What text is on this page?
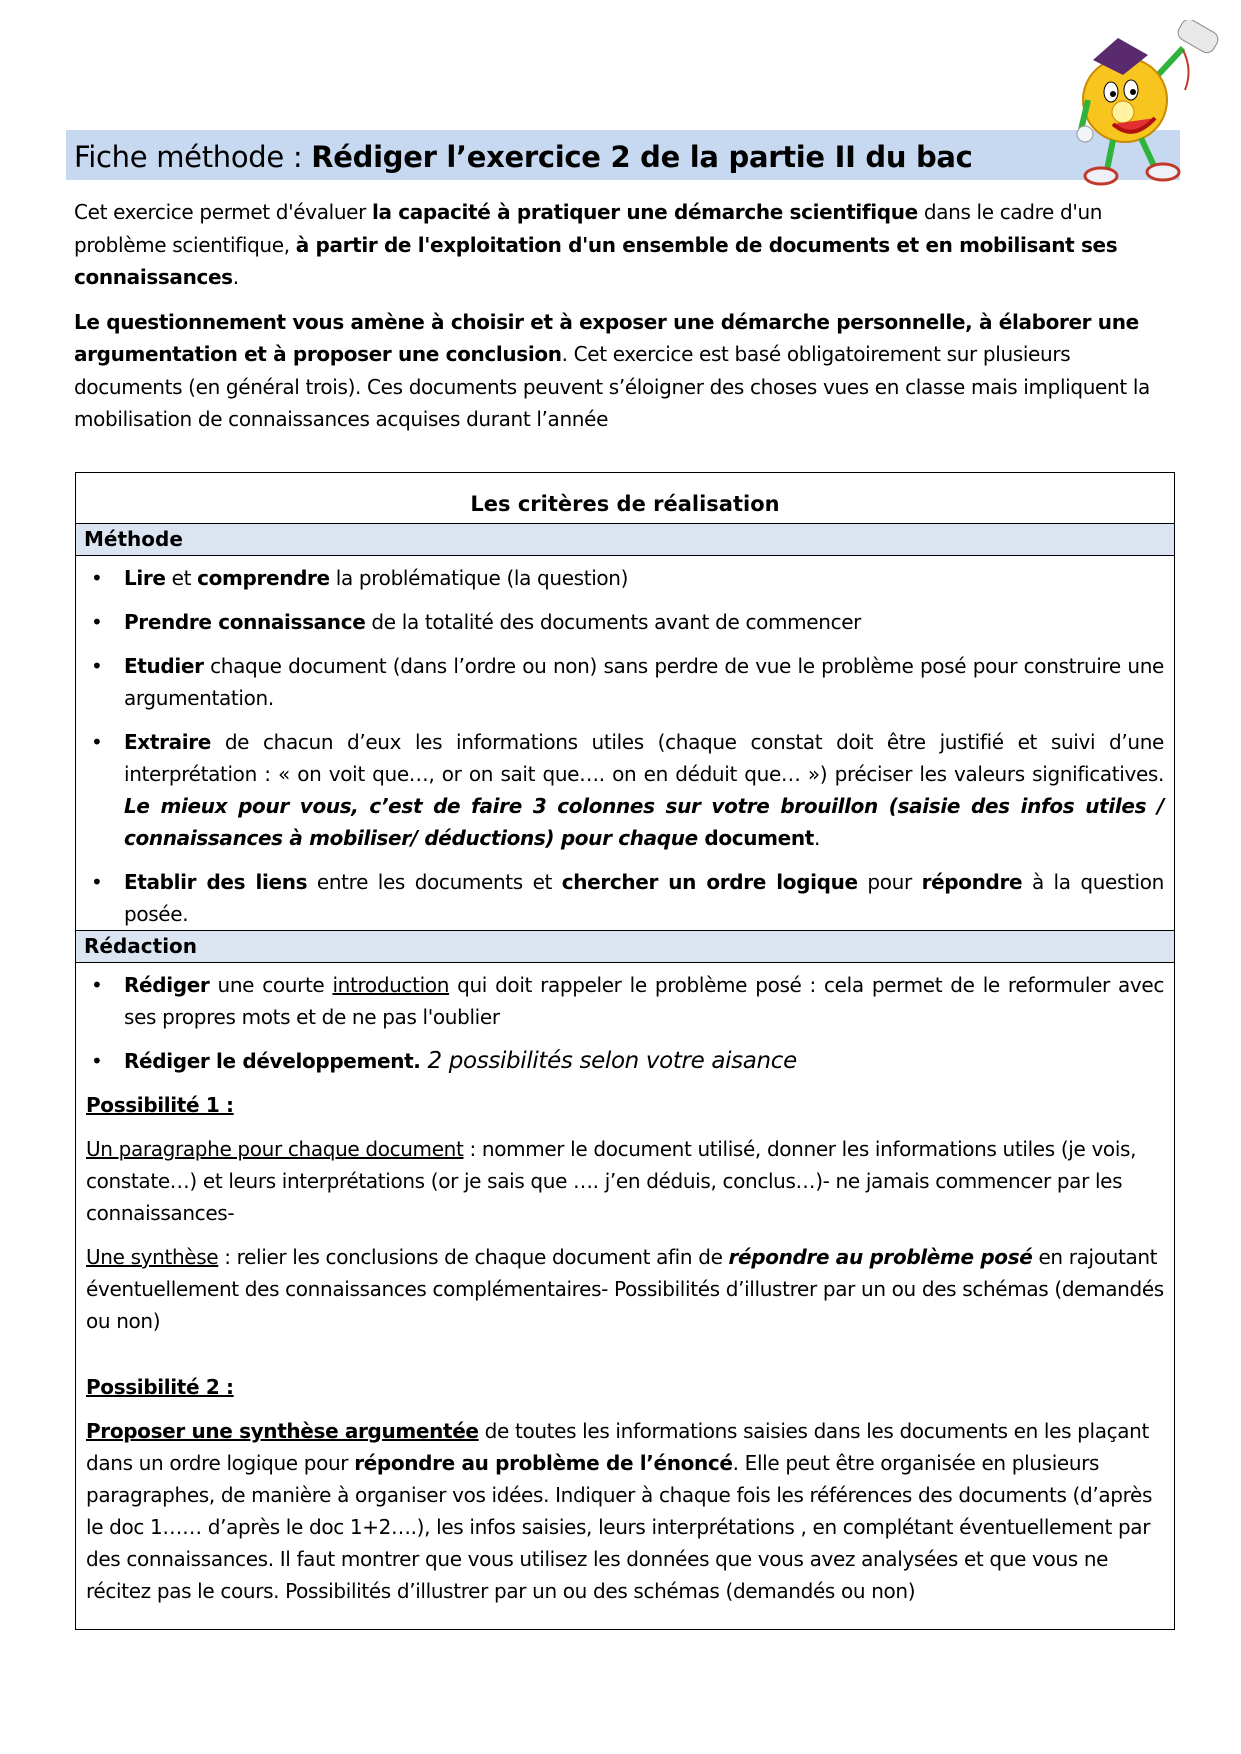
Fiche méthode : Rédiger l’exercice 2 de la partie II du bac

Cet exercice permet d'évaluer la capacité à pratiquer une démarche scientifique dans le cadre d'un problème scientifique, à partir de l'exploitation d'un ensemble de documents et en mobilisant ses connaissances.

Le questionnement vous amène à choisir et à exposer une démarche personnelle, à élaborer une argumentation et à proposer une conclusion. Cet exercice est basé obligatoirement sur plusieurs documents (en général trois). Ces documents peuvent s’éloigner des choses vues en classe mais impliquent la mobilisation de connaissances acquises durant l’année

Les critères de réalisation
Méthode
• Lire et comprendre la problématique (la question)
• Prendre connaissance de la totalité des documents avant de commencer
• Etudier chaque document (dans l’ordre ou non) sans perdre de vue le problème posé pour construire une argumentation.
• Extraire de chacun d’eux les informations utiles (chaque constat doit être justifié et suivi d’une interprétation : « on voit que…, or on sait que…. on en déduit que… ») préciser les valeurs significatives. Le mieux pour vous, c’est de faire 3 colonnes sur votre brouillon (saisie des infos utiles / connaissances à mobiliser/ déductions) pour chaque document.
• Etablir des liens entre les documents et chercher un ordre logique pour répondre à la question posée.
Rédaction
• Rédiger une courte introduction qui doit rappeler le problème posé : cela permet de le reformuler avec ses propres mots et de ne pas l'oublier
• Rédiger le développement. 2 possibilités selon votre aisance
Possibilité 1 :
Un paragraphe pour chaque document : nommer le document utilisé, donner les informations utiles (je vois, constate…) et leurs interprétations (or je sais que …. j’en déduis, conclus…)- ne jamais commencer par les connaissances-
Une synthèse : relier les conclusions de chaque document afin de répondre au problème posé en rajoutant éventuellement des connaissances complémentaires- Possibilités d’illustrer par un ou des schémas (demandés ou non)
Possibilité 2 :
Proposer une synthèse argumentée de toutes les informations saisies dans les documents en les plaçant dans un ordre logique pour répondre au problème de l’énoncé. Elle peut être organisée en plusieurs paragraphes, de manière à organiser vos idées. Indiquer à chaque fois les références des documents (d’après le doc 1…… d’après le doc 1+2….), les infos saisies, leurs interprétations , en complétant éventuellement par des connaissances. Il faut montrer que vous utilisez les données que vous avez analysées et que vous ne récitez pas le cours. Possibilités d’illustrer par un ou des schémas (demandés ou non)
